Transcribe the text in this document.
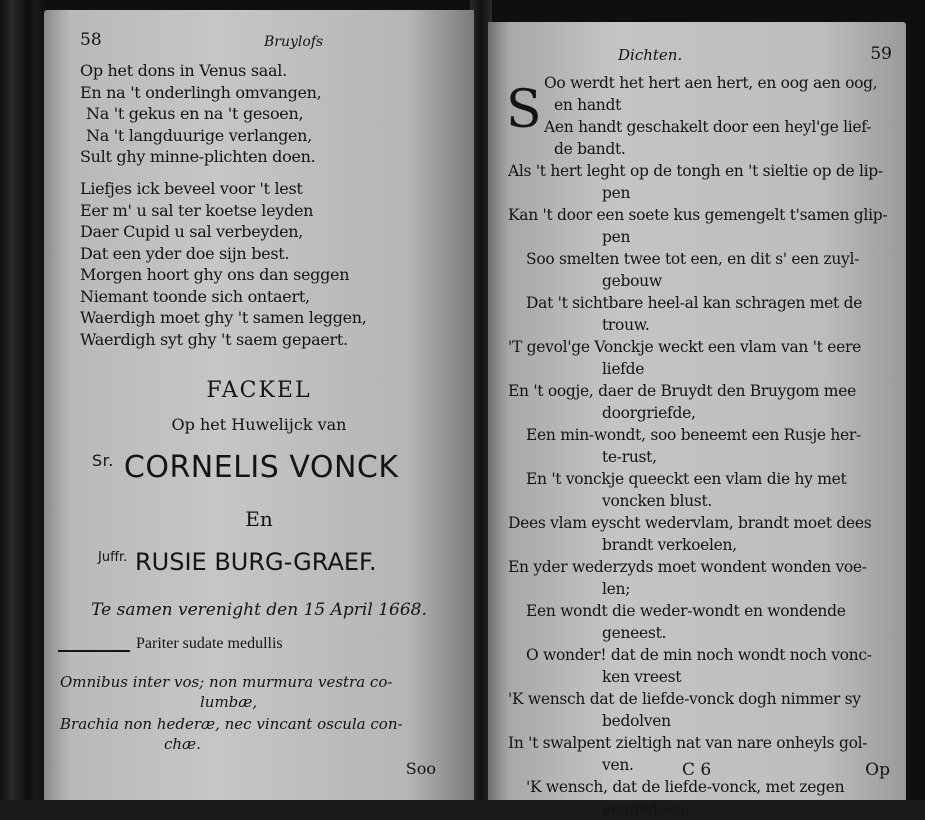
58	Bruylofs
Op het dons in Venus saal.
En na 't onderlingh omvangen,
Na 't gekus en na 't gesoen,
Na 't langduurige verlangen,
Sult ghy minne-plichten doen.
Liefjes ick beveel voor 't lest
Eer m' u sal ter koetse leyden
Daer Cupid u sal verbeyden,
Dat een yder doe sijn best.
Morgen hoort ghy ons dan seggen
Niemant toonde sich ontaert,
Waerdigh moet ghy 't samen leggen,
Waerdigh syt ghy 't saem gepaert.
FACKEL
Op het Huwelijck van
$^{Sr.}$ CORNELIS VONCK
En
$^{Juffr.}$ RUSIE BURG-GRAEF.
Te samen verenight den 15 April 1668.
Pariter sudate medullis
Omnibus inter vos; non murmura vestra co-
lumbæ,
Brachia non hederæ, nec vincant oscula con-
chæ.
Soo
Dichten.	59
S Oo werdt het hert aen hert, en oog aen oog,
en handt
Aen handt geschakelt door een heyl'ge lief-
de bandt.
Als 't hert leght op de tongh en 't sieltie op de lip-
pen
Kan 't door een soete kus gemengelt t'samen glip-
pen
Soo smelten twee tot een, en dit s' een zuyl-
gebouw
Dat 't sichtbare heel-al kan schragen met de
trouw.
'T gevol'ge Vonckje weckt een vlam van 't eere
liefde
En 't oogje, daer de Bruydt den Bruygom mee
doorgriefde,
Een min-wondt, soo beneemt een Rusje her-
te-rust,
En 't vonckje queeckt een vlam die hy met
voncken blust.
Dees vlam eyscht wedervlam, brandt moet dees
brandt verkoelen,
En yder wederzyds moet wondent wonden voe-
len;
Een wondt die weder-wondt en wondende
geneest.
O wonder! dat de min noch wondt noch vonc-
ken vreest
'K wensch dat de liefde-vonck dogh nimmer sy
bedolven
In 't swalpent zieltigh nat van nare onheyls gol-
ven.
'K wensch, dat de liefde-vonck, met zegen
aengedaen,
C 6	Op
